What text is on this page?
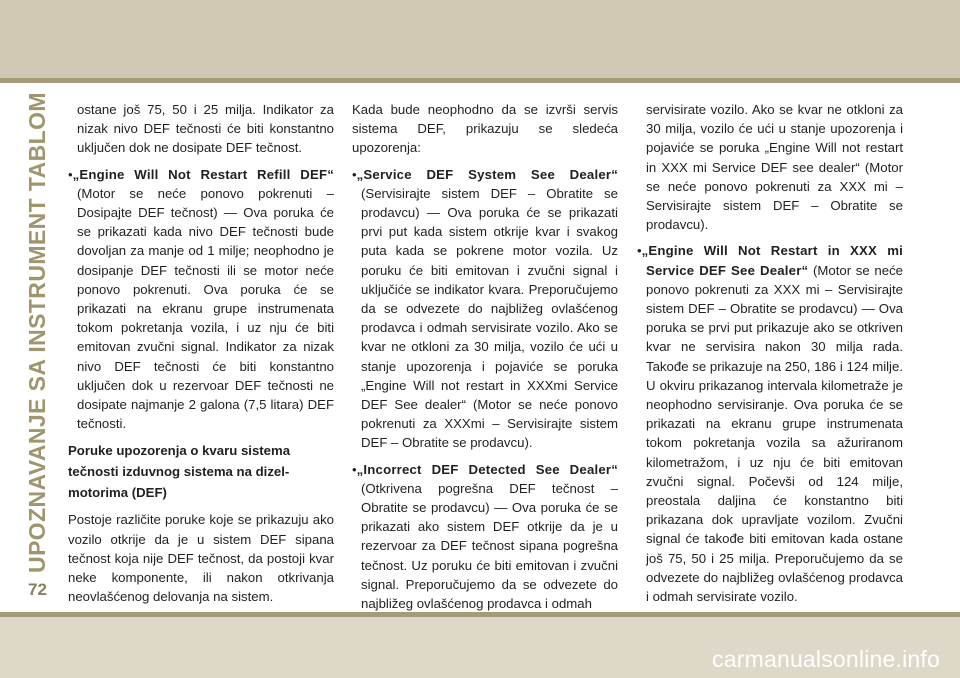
UPOZNAVANJE SA INSTRUMENT TABLOM	ostane još 75, 50 i 25 milja. Indikator za nizak nivo DEF tečnosti će biti konstantno uključen dok ne dosipate DEF tečnost.

•„Engine Will Not Restart Refill DEF“ (Motor se neće ponovo pokrenuti – Dosipajte DEF tečnost) — Ova poruka će se prikazati kada nivo DEF tečnosti bude dovoljan za manje od 1 milje; neophodno je dosipanje DEF tečnosti ili se motor neće ponovo pokrenuti. Ova poruka će se prikazati na ekranu grupe instrumenata tokom pokretanja vozila, i uz nju će biti emitovan zvučni signal. Indikator za nizak nivo DEF tečnosti će biti konstantno uključen dok u rezervoar DEF tečnosti ne dosipate najmanje 2 galona (7,5 litara) DEF tečnosti.

Poruke upozorenja o kvaru sistema tečnosti izduvnog sistema na dizel-motorima (DEF)

Postoje različite poruke koje se prikazuju ako vozilo otkrije da je u sistem DEF sipana tečnost koja nije DEF tečnost, da postoji kvar neke komponente, ili nakon otkrivanja neovlašćenog delovanja na sistem.

Kada bude neophodno da se izvrši servis sistema DEF, prikazuju se sledeća upozorenja:

•„Service DEF System See Dealer“ (Servisirajte sistem DEF – Obratite se prodavcu) — Ova poruka će se prikazati prvi put kada sistem otkrije kvar i svakog puta kada se pokrene motor vozila. Uz poruku će biti emitovan i zvučni signal i uključiće se indikator kvara. Preporučujemo da se odvezete do najbližeg ovlašćenog prodavca i odmah servisirate vozilo. Ako se kvar ne otkloni za 30 milja, vozilo će ući u stanje upozorenja i pojaviće se poruka „Engine Will not restart in XXXmi Service DEF See dealer“ (Motor se neće ponovo pokrenuti za XXXmi – Servisirajte sistem DEF – Obratite se prodavcu).

•„Incorrect DEF Detected See Dealer“ (Otkrivena pogrešna DEF tečnost – Obratite se prodavcu) — Ova poruka će se prikazati ako sistem DEF otkrije da je u rezervoar za DEF tečnost sipana pogrešna tečnost. Uz poruku će biti emitovan i zvučni signal. Preporučujemo da se odvezete do najbližeg ovlašćenog prodavca i odmah

servisirate vozilo. Ako se kvar ne otkloni za 30 milja, vozilo će ući u stanje upozorenja i pojaviće se poruka „Engine Will not restart in XXX mi Service DEF see dealer“ (Motor se neće ponovo pokrenuti za XXX mi – Servisirajte sistem DEF – Obratite se prodavcu).

•„Engine Will Not Restart in XXX mi Service DEF See Dealer“ (Motor se neće ponovo pokrenuti za XXX mi – Servisirajte sistem DEF – Obratite se prodavcu) — Ova poruka se prvi put prikazuje ako se otkriven kvar ne servisira nakon 30 milja rada. Takođe se prikazuje na 250, 186 i 124 milje. U okviru prikazanog intervala kilometraže je neophodno servisiranje. Ova poruka će se prikazati na ekranu grupe instrumenata tokom pokretanja vozila sa ažuriranom kilometražom, i uz nju će biti emitovan zvučni signal. Počevši od 124 milje, preostala daljina će konstantno biti prikazana dok upravljate vozilom. Zvučni signal će takođe biti emitovan kada ostane još 75, 50 i 25 milja. Preporučujemo da se odvezete do najbližeg ovlašćenog prodavca i odmah servisirate vozilo.

72
carmanualsonline.info
